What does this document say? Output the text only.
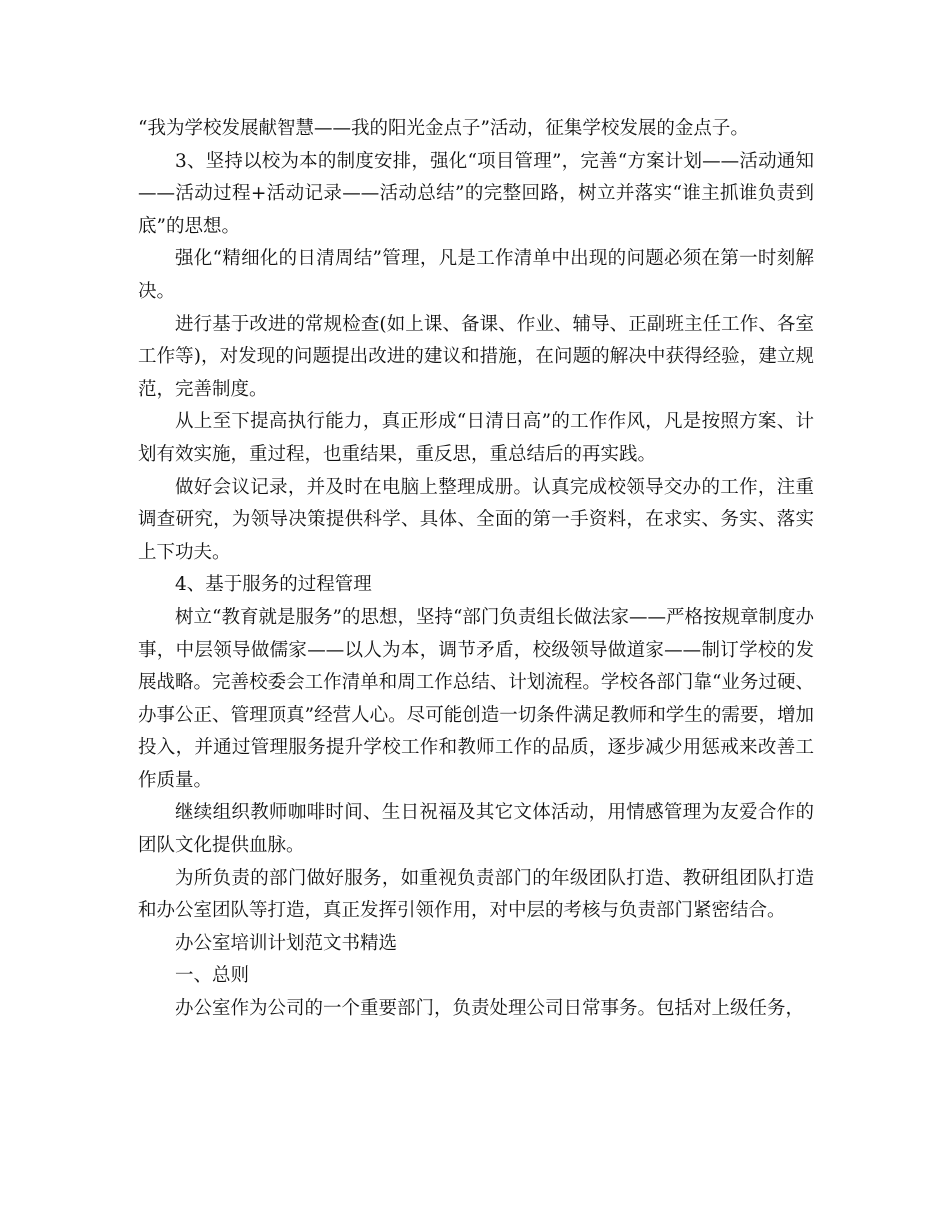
“我为学校发展献智慧——我的阳光金点子”活动，征集学校发展的金点子。

3、坚持以校为本的制度安排，强化“项目管理”，完善“方案计划——活动通知——活动过程+活动记录——活动总结”的完整回路，树立并落实“谁主抓谁负责到底”的思想。

强化“精细化的日清周结”管理，凡是工作清单中出现的问题必须在第一时刻解决。

进行基于改进的常规检查(如上课、备课、作业、辅导、正副班主任工作、各室工作等)，对发现的问题提出改进的建议和措施，在问题的解决中获得经验，建立规范，完善制度。

从上至下提高执行能力，真正形成“日清日高”的工作作风，凡是按照方案、计划有效实施，重过程，也重结果，重反思，重总结后的再实践。

做好会议记录，并及时在电脑上整理成册。认真完成校领导交办的工作，注重调查研究，为领导决策提供科学、具体、全面的第一手资料，在求实、务实、落实上下功夫。

4、基于服务的过程管理

树立“教育就是服务”的思想，坚持“部门负责组长做法家——严格按规章制度办事，中层领导做儒家——以人为本，调节矛盾，校级领导做道家——制订学校的发展战略。完善校委会工作清单和周工作总结、计划流程。学校各部门靠“业务过硬、办事公正、管理顶真”经营人心。尽可能创造一切条件满足教师和学生的需要，增加投入，并通过管理服务提升学校工作和教师工作的品质，逐步减少用惩戒来改善工作质量。

继续组织教师咖啡时间、生日祝福及其它文体活动，用情感管理为友爱合作的团队文化提供血脉。

为所负责的部门做好服务，如重视负责部门的年级团队打造、教研组团队打造和办公室团队等打造，真正发挥引领作用，对中层的考核与负责部门紧密结合。

办公室培训计划范文书精选

一、总则

办公室作为公司的一个重要部门，负责处理公司日常事务。包括对上级任务，
